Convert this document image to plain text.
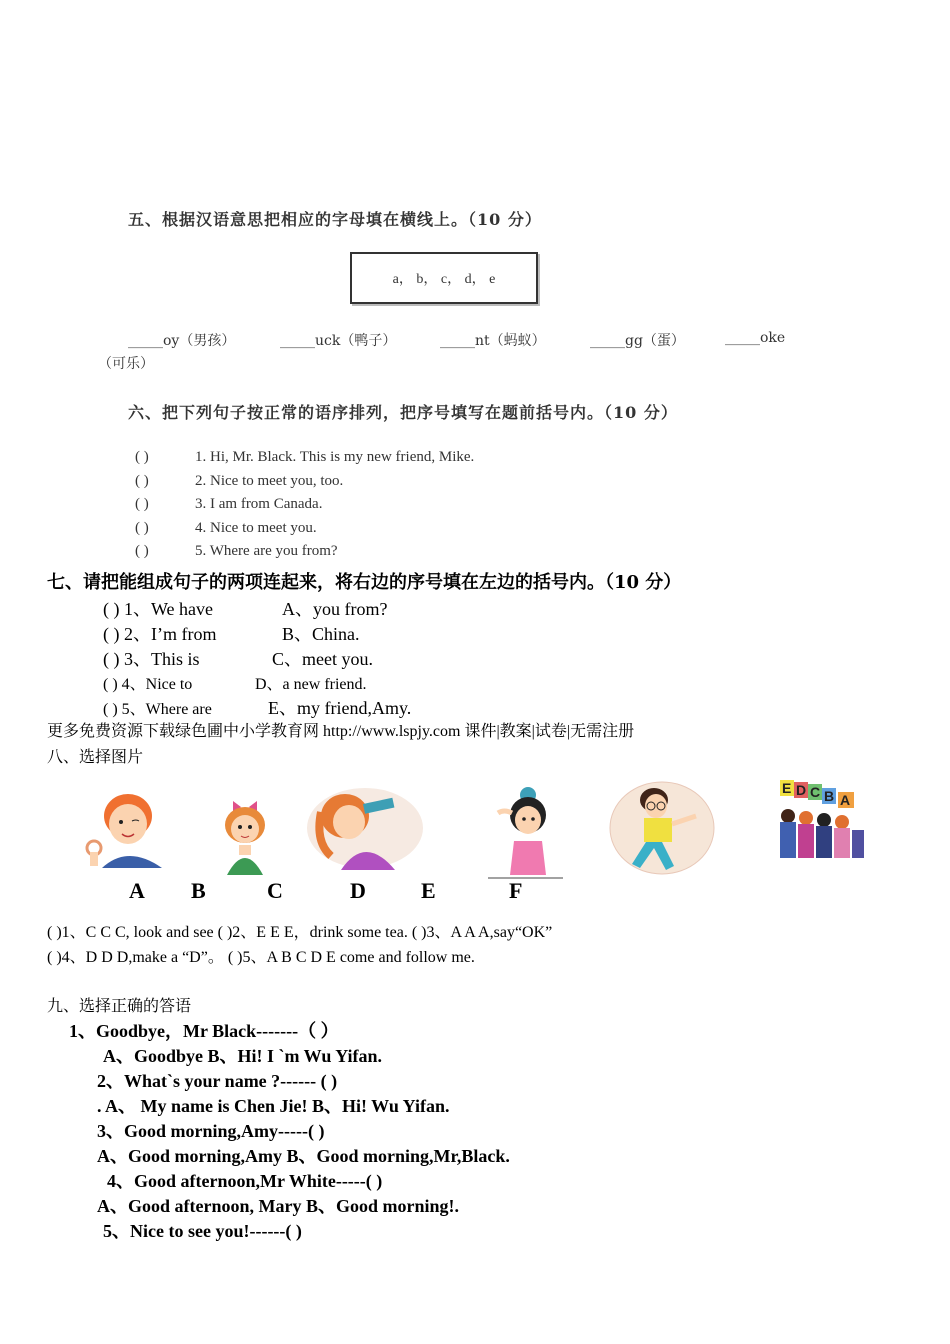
五、根据汉语意思把相应的字母填在横线上。（10 分）
a， b， c， d， e
_____oy（男孩）	_____uck（鸭子）	_____nt（蚂蚁）	_____gg（蛋）	_____oke
（可乐）
六、把下列句子按正常的语序排列，把序号填写在题前括号内。（10 分）
( )	1. Hi, Mr. Black. This is my new friend, Mike.
( )	2. Nice to meet you, too.
( )	3. I am from Canada.
( )	4. Nice to meet you.
( )	5. Where are you from?
七、请把能组成句子的两项连起来，将右边的序号填在左边的括号内。（10 分）
( ) 1、We have	A、you from?
( ) 2、I’m from	B、China.
( ) 3、This is	C、meet you.
( ) 4、Nice to	D、a new friend.
( ) 5、Where are	E、my friend,Amy.
更多免费资源下载绿色圃中小学教育网 http://www.lspjy.com 课件|教案|试卷|无需注册
八、选择图片
E D C B A
A B	C	D	E	F
( )1、C C C, look and see ( )2、E E E，drink some tea. ( )3、A A A,say“OK”
( )4、D D D,make a “D”。 ( )5、A B C D E come and follow me.
九、选择正确的答语
1、Goodbye，Mr Black-------（ ）
A、Goodbye B、Hi! I `m Wu Yifan.
2、What`s your name ?------ ( )
. A、 My name is Chen Jie! B、Hi! Wu Yifan.
3、Good morning,Amy-----( )
A、Good morning,Amy B、Good morning,Mr,Black.
4、Good afternoon,Mr White-----( )
A、Good afternoon, Mary B、Good morning!.
5、Nice to see you!------( )
